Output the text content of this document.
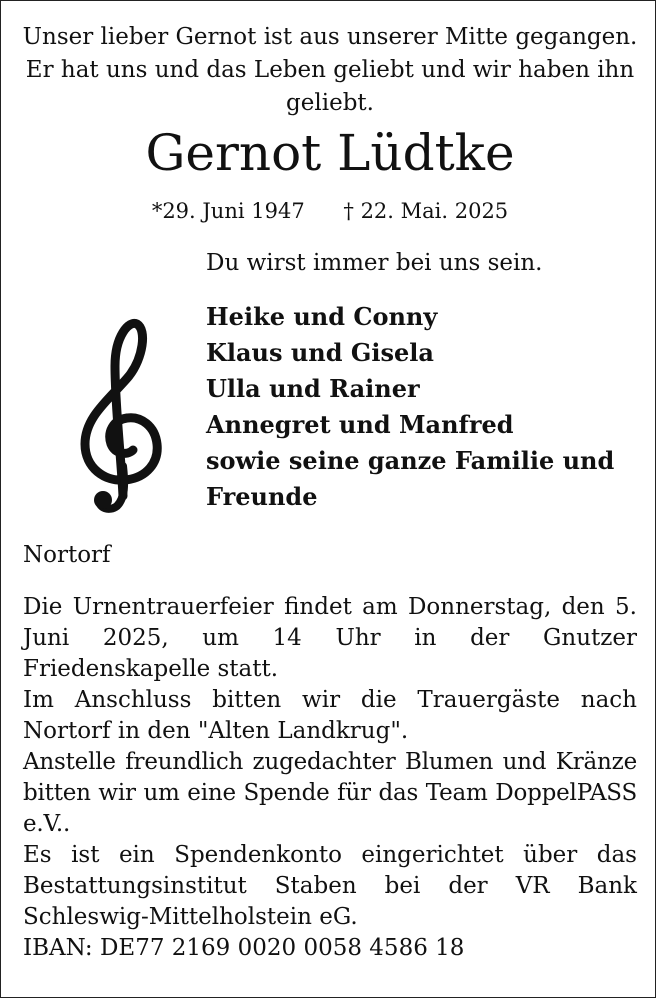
Unser lieber Gernot ist aus unserer Mitte gegangen. Er hat uns und das Leben geliebt und wir haben ihn geliebt.
Gernot Lüdtke
*29. Juni 1947 † 22. Mai. 2025
Du wirst immer bei uns sein.
Heike und Conny
Klaus und Gisela
Ulla und Rainer
Annegret und Manfred
sowie seine ganze Familie und Freunde
Nortorf
Die Urnentrauerfeier findet am Donnerstag, den 5. Juni 2025, um 14 Uhr in der Gnutzer Friedenskapelle statt.
Im Anschluss bitten wir die Trauergäste nach Nortorf in den "Alten Landkrug".
Anstelle freundlich zugedachter Blumen und Kränze bitten wir um eine Spende für das Team DoppelPASS e.V..
Es ist ein Spendenkonto eingerichtet über das Bestattungsinstitut Staben bei der VR Bank Schleswig-Mittelholstein eG.
IBAN: DE77 2169 0020 0058 4586 18
